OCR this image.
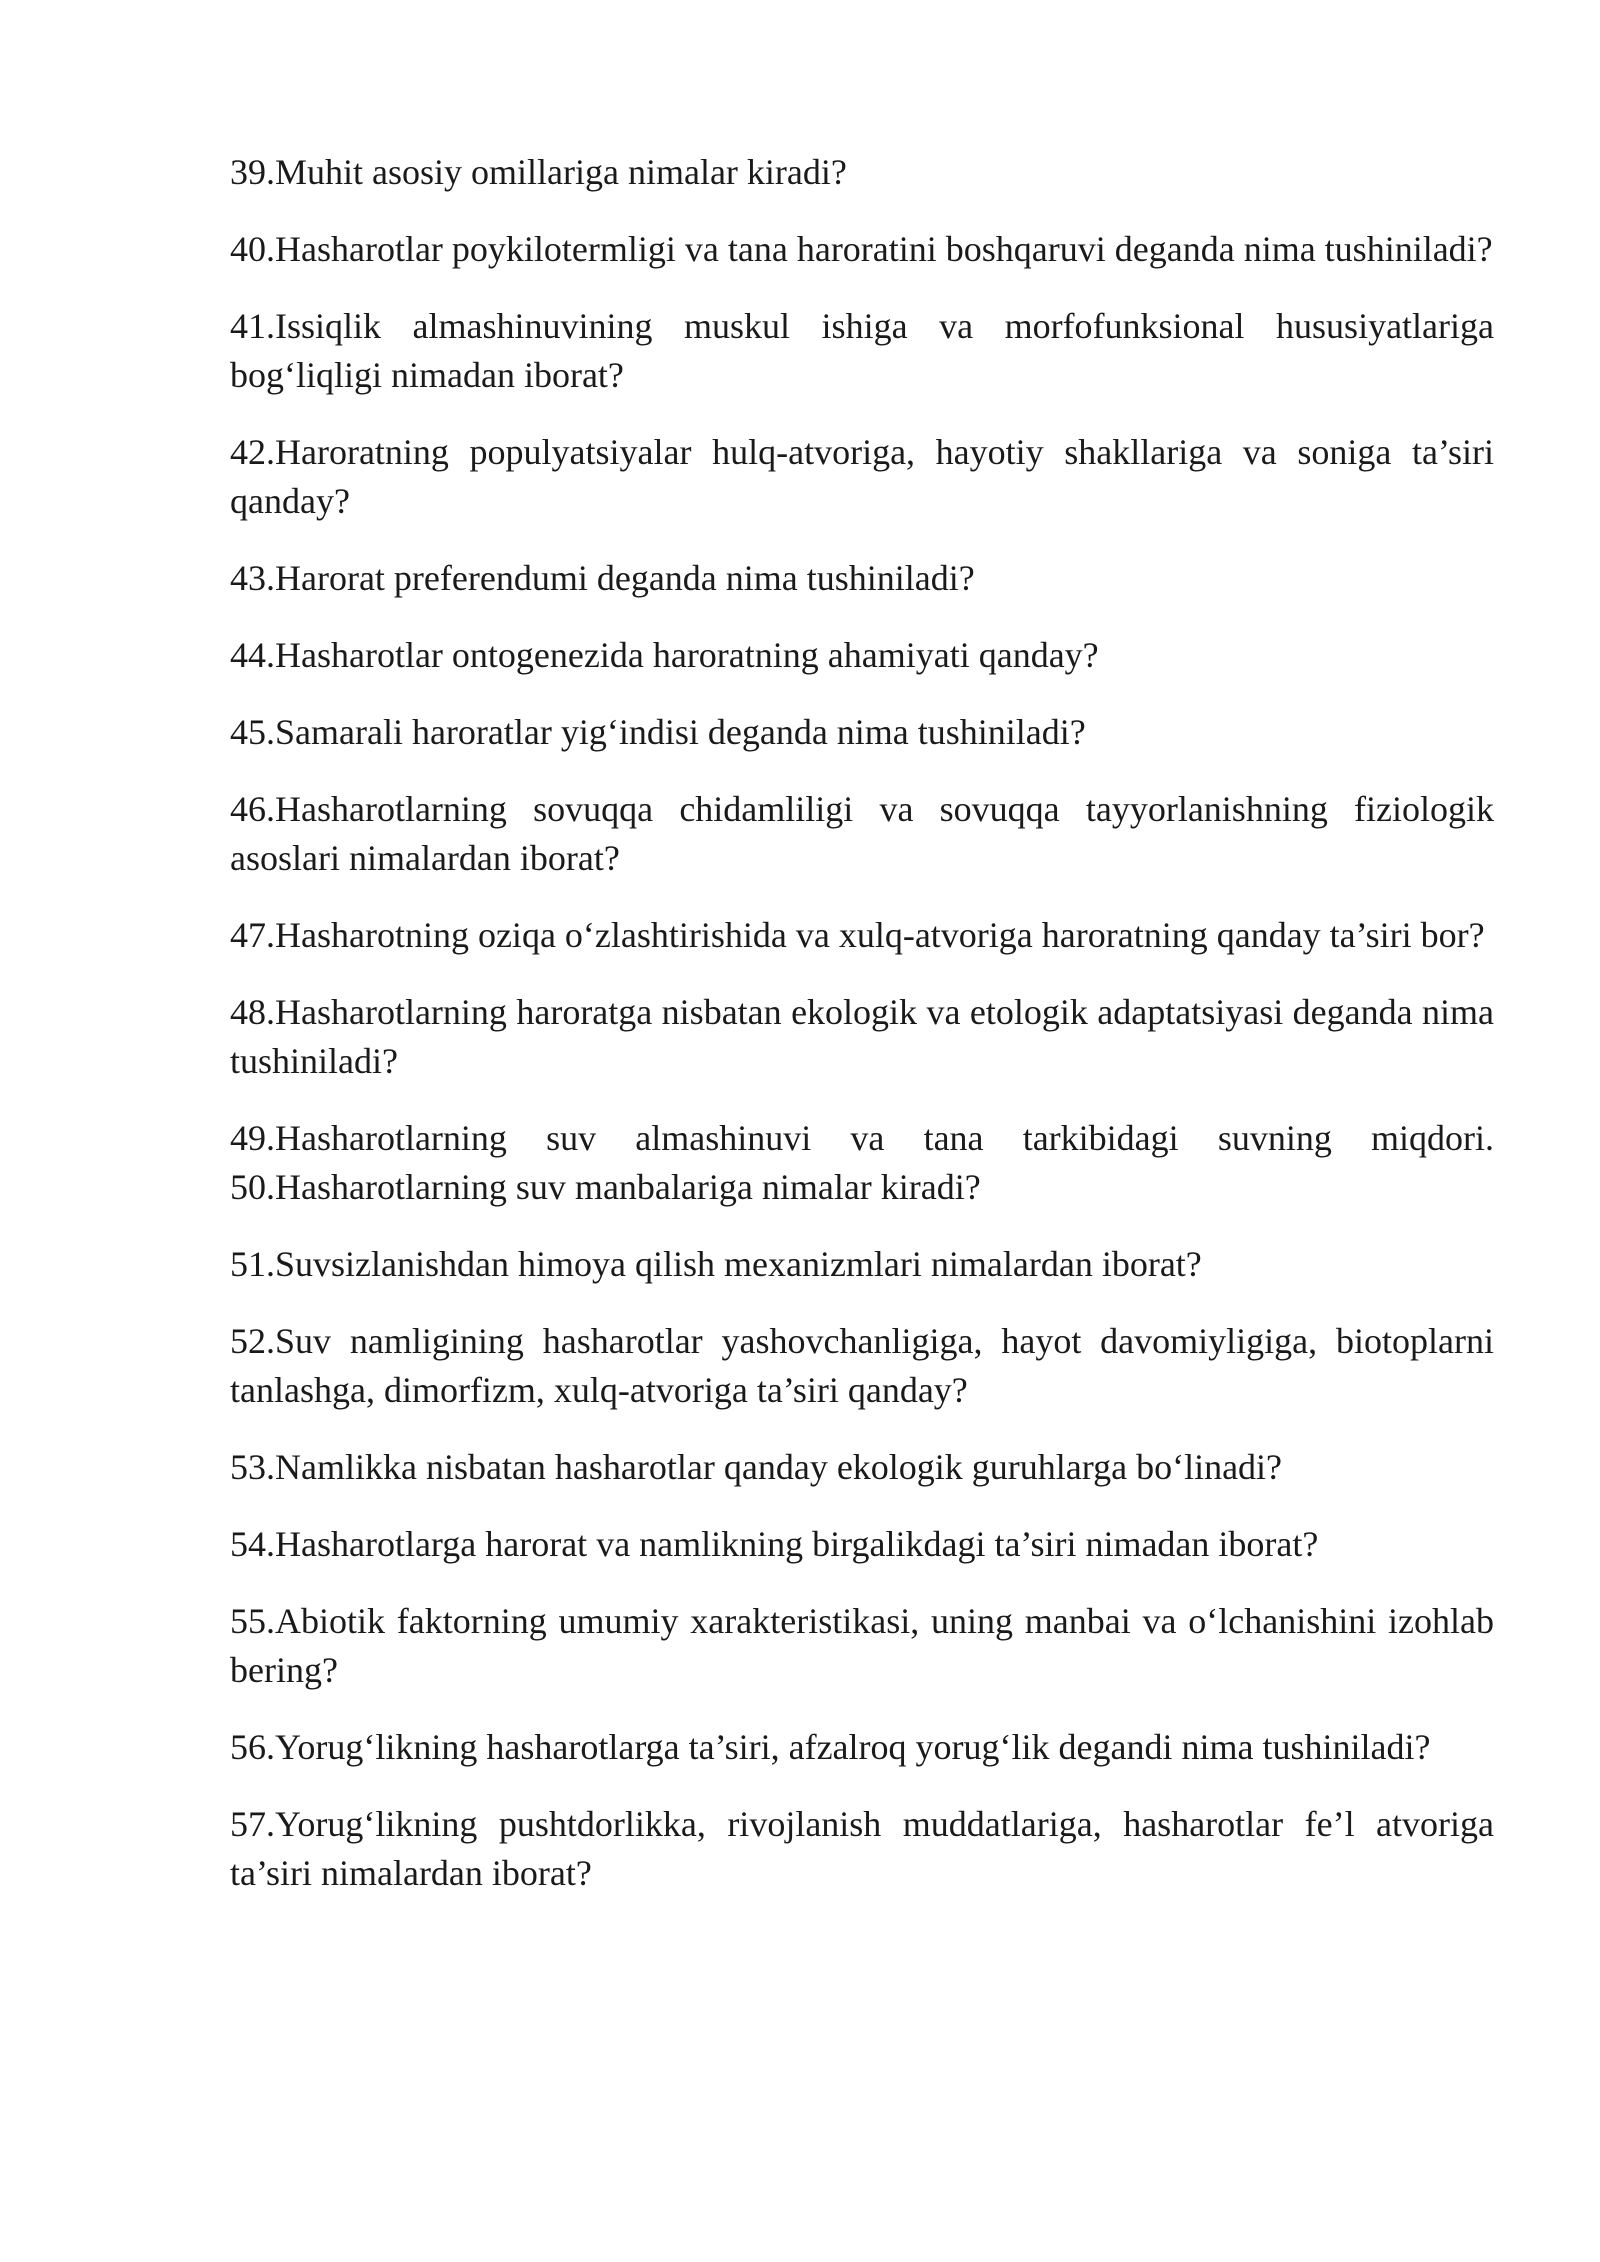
39.Muhit asosiy omillariga nimalar kiradi?

40.Hasharotlar poykilotermligi va tana haroratini boshqaruvi deganda nima tushiniladi?

41.Issiqlik almashinuvining muskul ishiga va morfofunksional hususiyatlariga bog‘liqligi nimadan iborat?

42.Haroratning populyatsiyalar hulq-atvoriga, hayotiy shakllariga va soniga ta’siri qanday?

43.Harorat preferendumi deganda nima tushiniladi?

44.Hasharotlar ontogenezida haroratning ahamiyati qanday?

45.Samarali haroratlar yig‘indisi deganda nima tushiniladi?

46.Hasharotlarning sovuqqa chidamliligi va sovuqqa tayyorlanishning fiziologik asoslari nimalardan iborat?

47.Hasharotning oziqa o‘zlashtirishida va xulq-atvoriga haroratning qanday ta’siri bor?

48.Hasharotlarning haroratga nisbatan ekologik va etologik adaptatsiyasi deganda nima tushiniladi?

49.Hasharotlarning suv almashinuvi va tana tarkibidagi suvning miqdori.
50.Hasharotlarning suv manbalariga nimalar kiradi?

51.Suvsizlanishdan himoya qilish mexanizmlari nimalardan iborat?

52.Suv namligining hasharotlar yashovchanligiga, hayot davomiyligiga, biotoplarni tanlashga, dimorfizm, xulq-atvoriga ta’siri qanday?

53.Namlikka nisbatan hasharotlar qanday ekologik guruhlarga bo‘linadi?

54.Hasharotlarga harorat va namlikning birgalikdagi ta’siri nimadan iborat?

55.Abiotik faktorning umumiy xarakteristikasi, uning manbai va o‘lchanishini izohlab bering?

56.Yorug‘likning hasharotlarga ta’siri, afzalroq yorug‘lik degandi nima tushiniladi?

57.Yorug‘likning pushtdorlikka, rivojlanish muddatlariga, hasharotlar fe’l atvoriga ta’siri nimalardan iborat?
